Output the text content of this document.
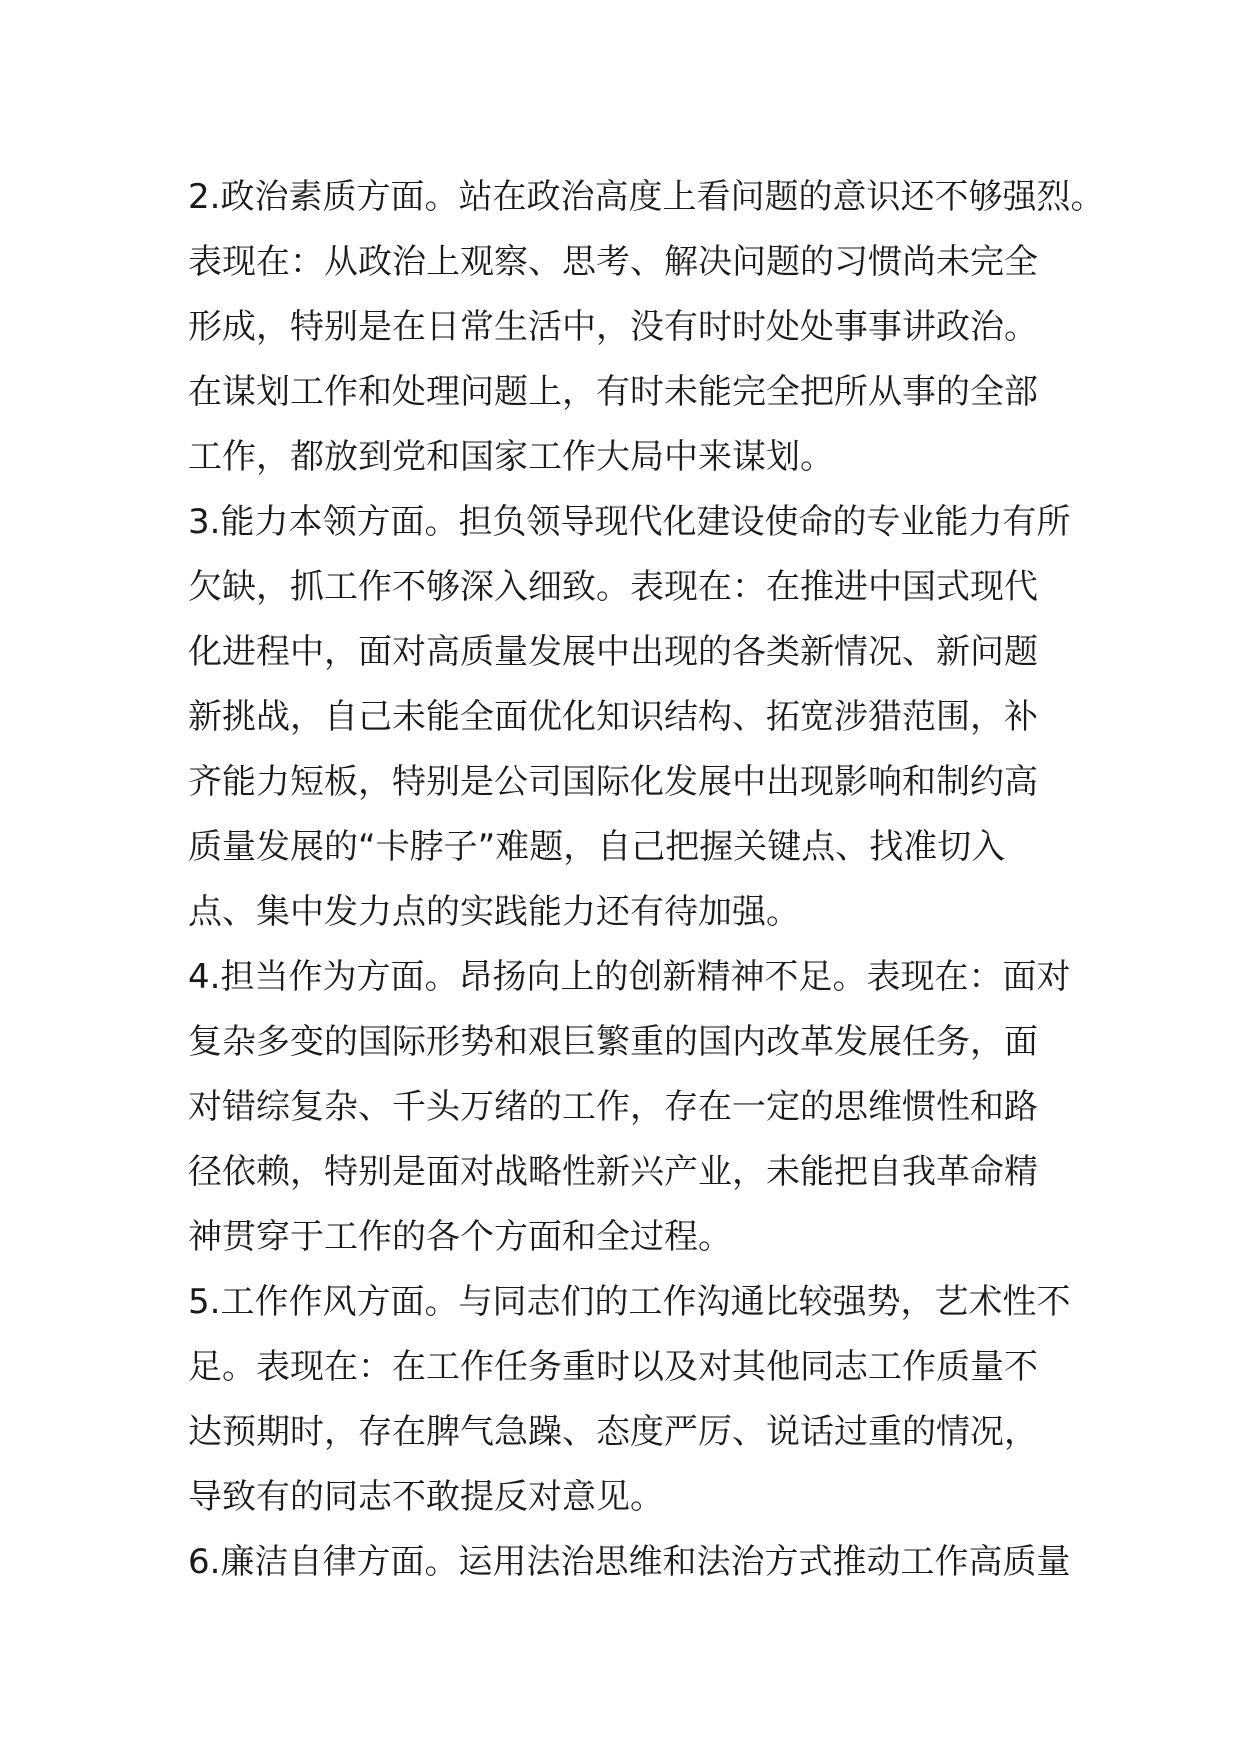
2.政治素质方面。站在政治高度上看问题的意识还不够强烈。
表现在：从政治上观察、思考、解决问题的习惯尚未完全
形成，特别是在日常生活中，没有时时处处事事讲政治。
在谋划工作和处理问题上，有时未能完全把所从事的全部
工作，都放到党和国家工作大局中来谋划。

3.能力本领方面。担负领导现代化建设使命的专业能力有所
欠缺，抓工作不够深入细致。表现在：在推进中国式现代
化进程中，面对高质量发展中出现的各类新情况、新问题
新挑战，自己未能全面优化知识结构、拓宽涉猎范围，补
齐能力短板，特别是公司国际化发展中出现影响和制约高
质量发展的“卡脖子”难题，自己把握关键点、找准切入
点、集中发力点的实践能力还有待加强。

4.担当作为方面。昂扬向上的创新精神不足。表现在：面对
复杂多变的国际形势和艰巨繁重的国内改革发展任务，面
对错综复杂、千头万绪的工作，存在一定的思维惯性和路
径依赖，特别是面对战略性新兴产业，未能把自我革命精
神贯穿于工作的各个方面和全过程。

5.工作作风方面。与同志们的工作沟通比较强势，艺术性不
足。表现在：在工作任务重时以及对其他同志工作质量不
达预期时，存在脾气急躁、态度严厉、说话过重的情况，
导致有的同志不敢提反对意见。

6.廉洁自律方面。运用法治思维和法治方式推动工作高质量
